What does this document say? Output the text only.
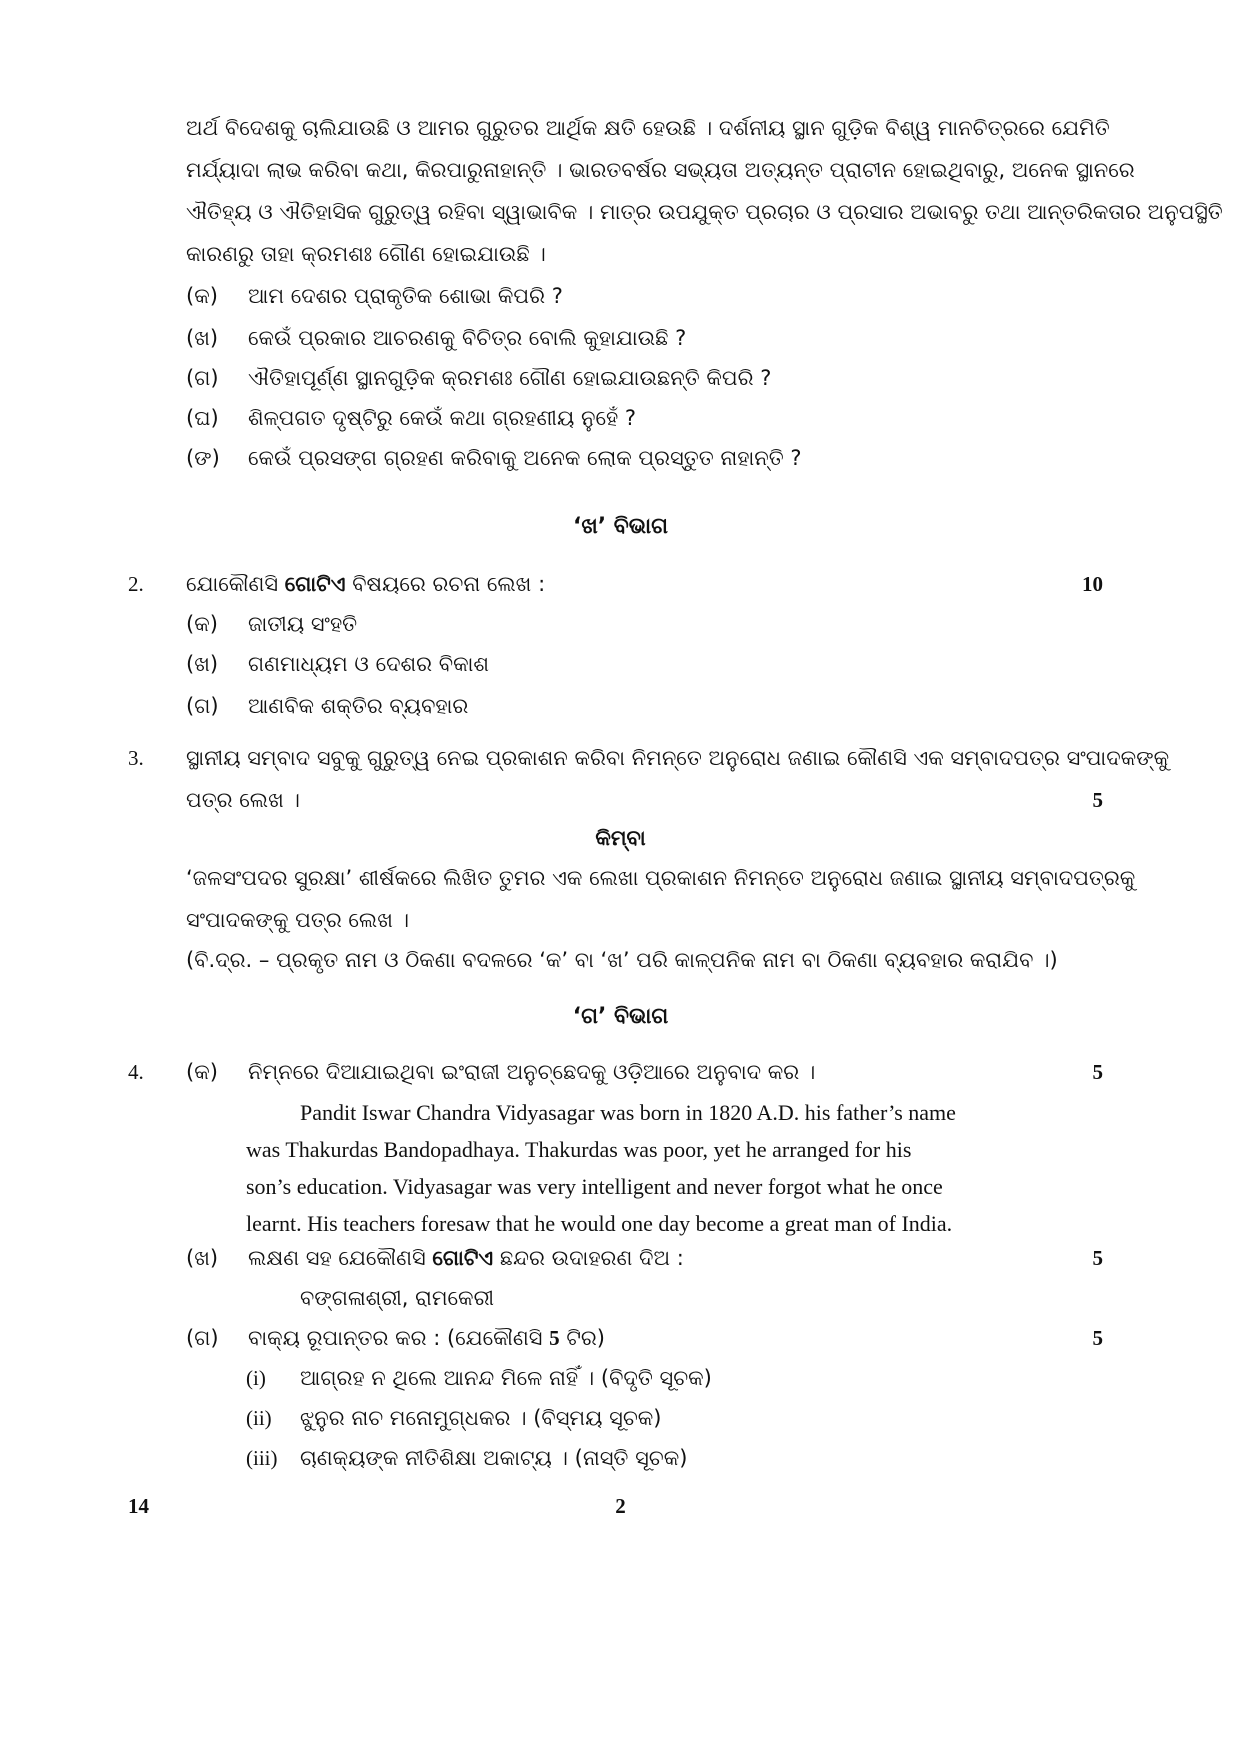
ଅର୍ଥ ବିଦେଶକୁ ଚାଲିଯାଉଛି ଓ ଆମର ଗୁରୁତର ଆର୍ଥିକ କ୍ଷତି ହେଉଛି । ଦର୍ଶନୀୟ ସ୍ଥାନ ଗୁଡ଼ିକ ବିଶ୍ୱ ମାନଚିତ୍ରରେ ଯେମିତି
ମର୍ଯ୍ୟାଦା ଲାଭ କରିବା କଥା, କିରପାରୁନାହାନ୍ତି । ଭାରତବର୍ଷର ସଭ୍ୟତା ଅତ୍ୟନ୍ତ ପ୍ରାଚୀନ ହୋଇଥିବାରୁ, ଅନେକ ସ୍ଥାନରେ
ଐତିହ୍ୟ ଓ ଐତିହାସିକ ଗୁରୁତ୍ୱ ରହିବା ସ୍ୱାଭାବିକ । ମାତ୍ର ଉପଯୁକ୍ତ ପ୍ରଚାର ଓ ପ୍ରସାର ଅଭାବରୁ ତଥା ଆନ୍ତରିକତାର ଅନୁପସ୍ଥିତି
କାରଣରୁ ତାହା କ୍ରମଶଃ ଗୌଣ ହୋଇଯାଉଛି ।
(କ) ଆମ ଦେଶର ପ୍ରାକୃତିକ ଶୋଭା କିପରି ?
(ଖ) କେଉଁ ପ୍ରକାର ଆଚରଣକୁ ବିଚିତ୍ର ବୋଲି କୁହାଯାଉଛି ?
(ଗ) ଐତିହାପୂର୍ଣ୍ଣ ସ୍ଥାନଗୁଡ଼ିକ କ୍ରମଶଃ ଗୌଣ ହୋଇଯାଉଛନ୍ତି କିପରି ?
(ଘ) ଶିଳ୍ପଗତ ଦୃଷ୍ଟିରୁ କେଉଁ କଥା ଗ୍ରହଣୀୟ ନୁହେଁ ?
(ଙ) କେଉଁ ପ୍ରସଙ୍ଗ ଗ୍ରହଣ କରିବାକୁ ଅନେକ ଲୋକ ପ୍ରସ୍ତୁତ ନାହାନ୍ତି ?
‘ଖ’ ବିଭାଗ
2. ଯୋକୌଣସି ଗୋଟିଏ ବିଷୟରେ ରଚନା ଲେଖ :	10
(କ) ଜାତୀୟ ସଂହତି
(ଖ) ଗଣମାଧ୍ୟମ ଓ ଦେଶର ବିକାଶ
(ଗ) ଆଣବିକ ଶକ୍ତିର ବ୍ୟବହାର
3. ସ୍ଥାନୀୟ ସମ୍ବାଦ ସବୁକୁ ଗୁରୁତ୍ୱ ନେଇ ପ୍ରକାଶନ କରିବା ନିମନ୍ତେ ଅନୁରୋଧ ଜଣାଇ କୌଣସି ଏକ ସମ୍ବାଦପତ୍ର ସଂପାଦକଙ୍କୁ
ପତ୍ର ଲେଖ ।	5
କିମ୍ବା
‘ଜଳସଂପଦର ସୁରକ୍ଷା’ ଶୀର୍ଷକରେ ଲିଖିତ ତୁମର ଏକ ଲେଖା ପ୍ରକାଶନ ନିମନ୍ତେ ଅନୁରୋଧ ଜଣାଇ ସ୍ଥାନୀୟ ସମ୍ବାଦପତ୍ରକୁ
ସଂପାଦକଙ୍କୁ ପତ୍ର ଲେଖ ।
(ବି.ଦ୍ର. – ପ୍ରକୃତ ନାମ ଓ ଠିକଣା ବଦଳରେ ‘କ’ ବା ‘ଖ’ ପରି କାଳ୍ପନିକ ନାମ ବା ଠିକଣା ବ୍ୟବହାର କରାଯିବ ।)
‘ଗ’ ବିଭାଗ
4. (କ) ନିମ୍ନରେ ଦିଆଯାଇଥିବା ଇଂରାଜୀ ଅନୁଚ୍ଛେଦକୁ ଓଡ଼ିଆରେ ଅନୁବାଦ କର ।	5
Pandit Iswar Chandra Vidyasagar was born in 1820 A.D. his father’s name
was Thakurdas Bandopadhaya. Thakurdas was poor, yet he arranged for his
son’s education. Vidyasagar was very intelligent and never forgot what he once
learnt. His teachers foresaw that he would one day become a great man of India.
(ଖ) ଲକ୍ଷଣ ସହ ଯେକୌଣସି ଗୋଟିଏ ଛନ୍ଦର ଉଦାହରଣ ଦିଅ :	5
ବଙ୍ଗଳାଶ୍ରୀ, ରାମକେରୀ
(ଗ) ବାକ୍ୟ ରୂପାନ୍ତର କର : (ଯେକୌଣସି 5 ଟିର)	5
(i) ଆଗ୍ରହ ନ ଥିଲେ ଆନନ୍ଦ ମିଳେ ନାହିଁ । (ବିଦୃତି ସୂଚକ)
(ii) ଝୁନୁର ନାଚ ମନୋମୁଗ୍ଧକର । (ବିସ୍ମୟ ସୂଚକ)
(iii) ଚାଣକ୍ୟଙ୍କ ନୀତିଶିକ୍ଷା ଅକାଟ୍ୟ । (ନାସ୍ତି ସୂଚକ)
14	2
